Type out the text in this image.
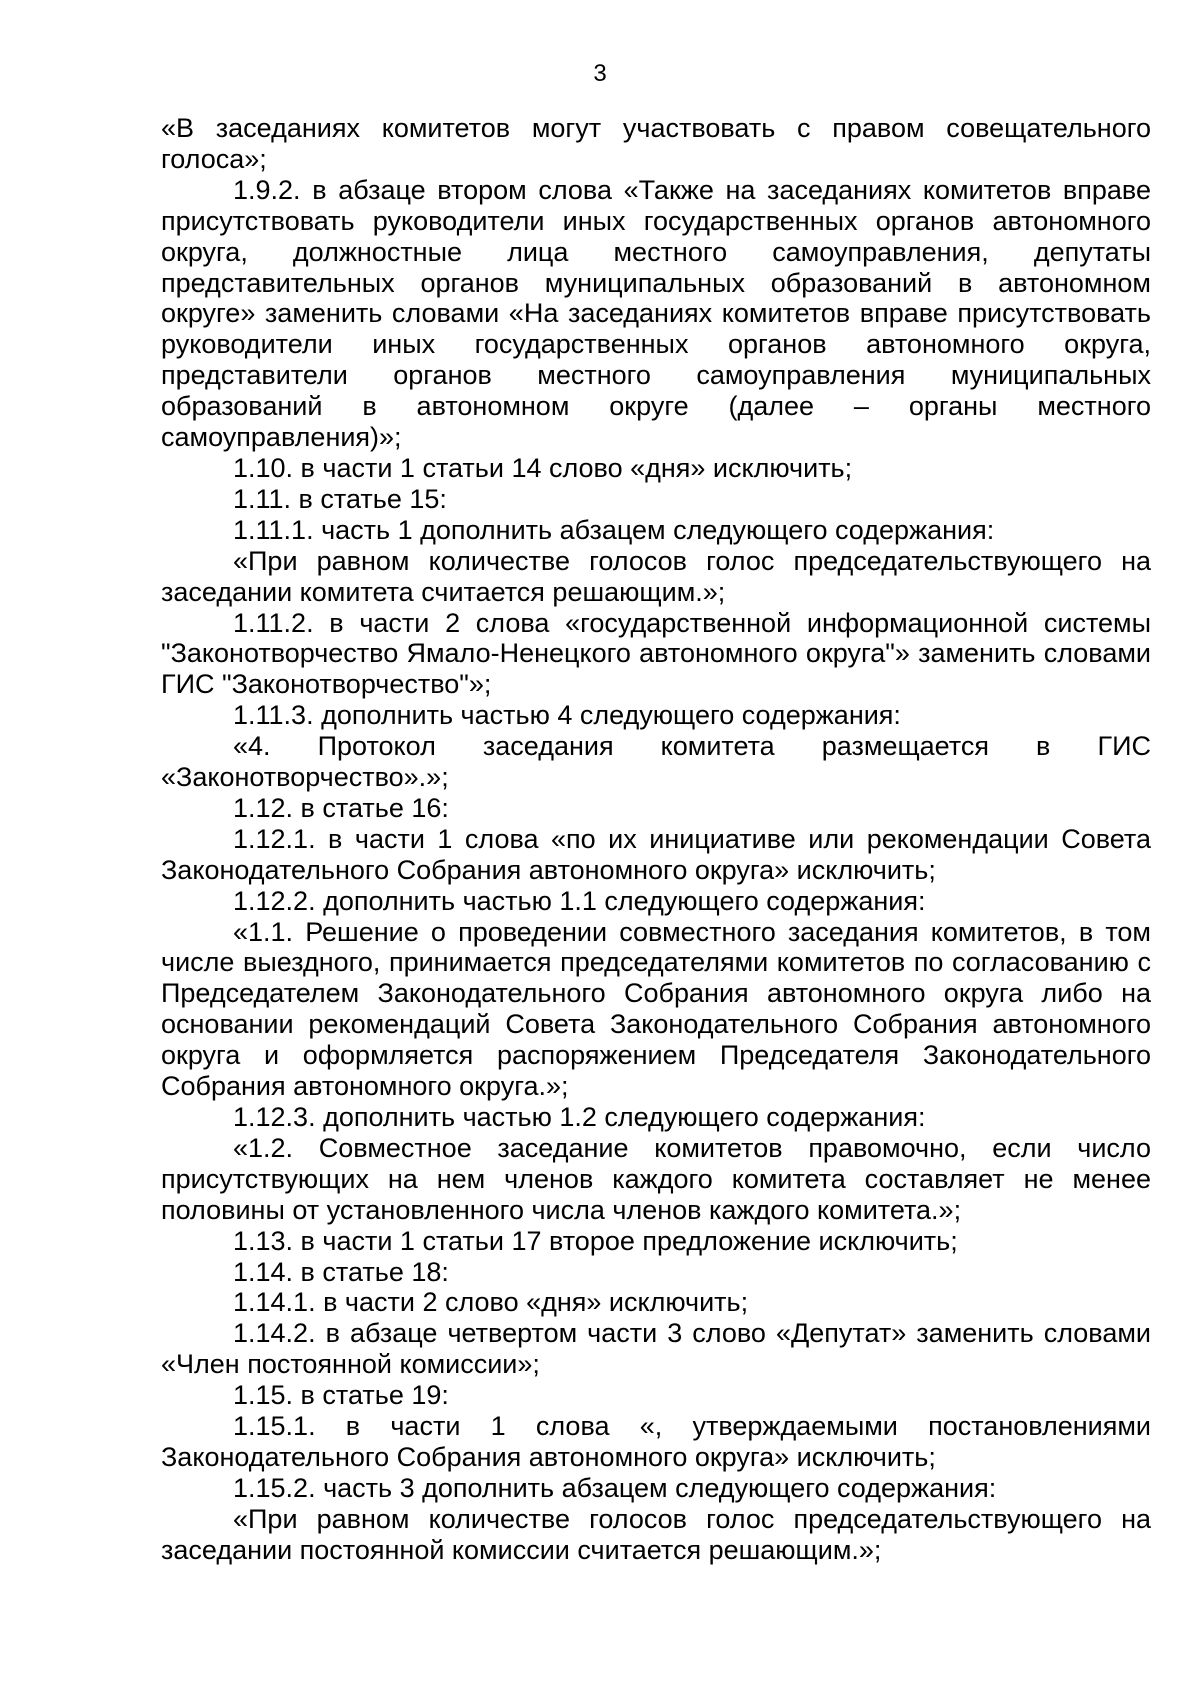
3

«В заседаниях комитетов могут участвовать с правом совещательного голоса»;

1.9.2. в абзаце втором слова «Также на заседаниях комитетов вправе присутствовать руководители иных государственных органов автономного округа, должностные лица местного самоуправления, депутаты представительных органов муниципальных образований в автономном округе» заменить словами «На заседаниях комитетов вправе присутствовать руководители иных государственных органов автономного округа, представители органов местного самоуправления муниципальных образований в автономном округе (далее – органы местного самоуправления)»;

1.10. в части 1 статьи 14 слово «дня» исключить;

1.11. в статье 15:

1.11.1. часть 1 дополнить абзацем следующего содержания:

«При равном количестве голосов голос председательствующего на заседании комитета считается решающим.»;

1.11.2. в части 2 слова «государственной информационной системы "Законотворчество Ямало-Ненецкого автономного округа"» заменить словами ГИС "Законотворчество"»;

1.11.3. дополнить частью 4 следующего содержания:

«4. Протокол заседания комитета размещается в ГИС «Законотворчество».»;

1.12. в статье 16:

1.12.1. в части 1 слова «по их инициативе или рекомендации Совета Законодательного Собрания автономного округа» исключить;

1.12.2. дополнить частью 1.1 следующего содержания:

«1.1. Решение о проведении совместного заседания комитетов, в том числе выездного, принимается председателями комитетов по согласованию с Председателем Законодательного Собрания автономного округа либо на основании рекомендаций Совета Законодательного Собрания автономного округа и оформляется распоряжением Председателя Законодательного Собрания автономного округа.»;

1.12.3. дополнить частью 1.2 следующего содержания:

«1.2. Совместное заседание комитетов правомочно, если число присутствующих на нем членов каждого комитета составляет не менее половины от установленного числа членов каждого комитета.»;

1.13. в части 1 статьи 17 второе предложение исключить;

1.14. в статье 18:

1.14.1. в части 2 слово «дня» исключить;

1.14.2. в абзаце четвертом части 3 слово «Депутат» заменить словами «Член постоянной комиссии»;

1.15. в статье 19:

1.15.1. в части 1 слова «, утверждаемыми постановлениями Законодательного Собрания автономного округа» исключить;

1.15.2. часть 3 дополнить абзацем следующего содержания:

«При равном количестве голосов голос председательствующего на заседании постоянной комиссии считается решающим.»;
